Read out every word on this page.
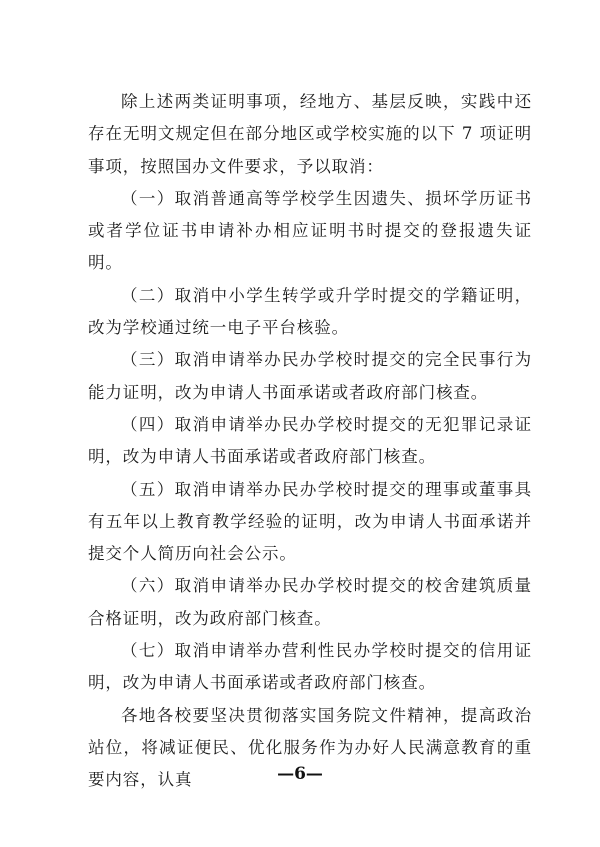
除上述两类证明事项，经地方、基层反映，实践中还存在无明文规定但在部分地区或学校实施的以下 7 项证明事项，按照国办文件要求，予以取消：

（一）取消普通高等学校学生因遗失、损坏学历证书或者学位证书申请补办相应证明书时提交的登报遗失证明。

（二）取消中小学生转学或升学时提交的学籍证明，改为学校通过统一电子平台核验。

（三）取消申请举办民办学校时提交的完全民事行为能力证明，改为申请人书面承诺或者政府部门核查。

（四）取消申请举办民办学校时提交的无犯罪记录证明，改为申请人书面承诺或者政府部门核查。

（五）取消申请举办民办学校时提交的理事或董事具有五年以上教育教学经验的证明，改为申请人书面承诺并提交个人简历向社会公示。

（六）取消申请举办民办学校时提交的校舍建筑质量合格证明，改为政府部门核查。

（七）取消申请举办营利性民办学校时提交的信用证明，改为申请人书面承诺或者政府部门核查。

各地各校要坚决贯彻落实国务院文件精神，提高政治站位，将减证便民、优化服务作为办好人民满意教育的重要内容，认真	—6—
